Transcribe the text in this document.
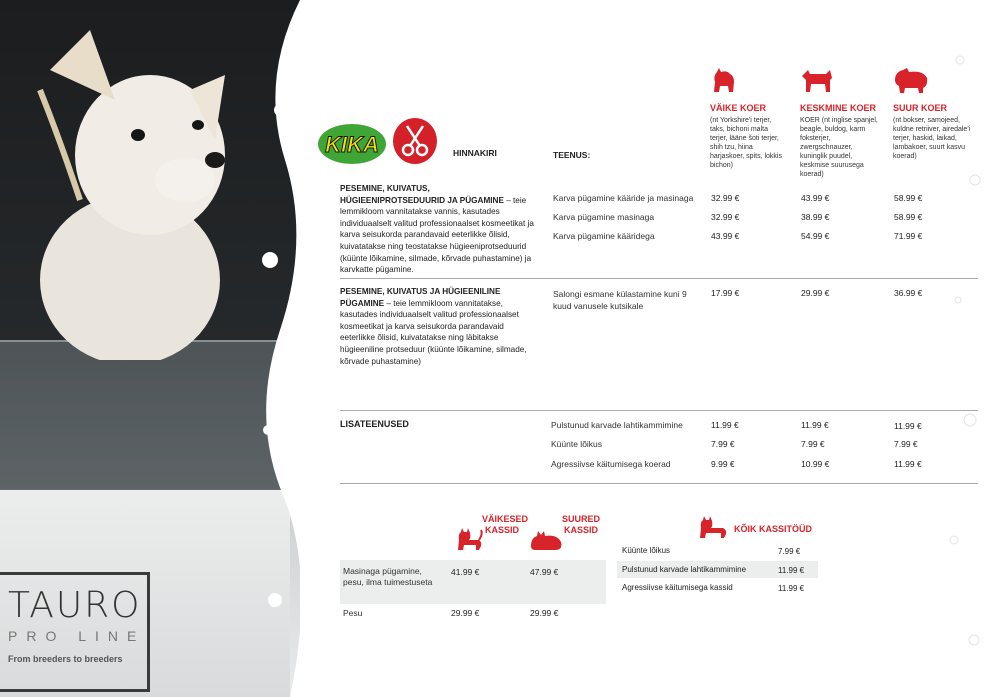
TAURO
PRO LINE
From breeders to breeders
KIKA	HINNAKIRI	TEENUS:
VÄIKE KOER
(nt Yorkshire'i terjer, taks, bichoni malta terjer, lääne šoti terjer, shih tzu, hiina harjaskoer, spits, lokkis bichon)
KESKMINE KOER
KOER (nt inglise spanjel, beagle, buldog, karm foksterjer, zwergschnauzer, kuninglik puudel, keskmise suurusega koerad)
SUUR KOER
(nt bokser, samojeed, kuldne retriiver, airedale'i terjer, haskid, laikad, lambakoer, suurt kasvu koerad)
PESEMINE, KUIVATUS, HÜGIEENIPROTSEDUURID JA PÜGAMINE – teie lemmikloom vannitatakse vannis, kasutades individuaalselt valitud professionaalset kosmeetikat ja karva seisukorda parandavaid eeterlikke õlisid, kuivatatakse ning teostatakse hügieeniprotseduurid (küünte lõikamine, silmade, kõrvade puhastamine) ja karvkatte pügamine.
Karva pügamine kääride ja masinaga 32.99 €	43.99 €	58.99 €
Karva pügamine masinaga	32.99 €	38.99 €	58.99 €
Karva pügamine kääridega	43.99 €	54.99 €	71.99 €
PESEMINE, KUIVATUS JA HÜGIEENILINE PÜGAMINE – teie lemmikloom vannitatakse, kasutades individuaalselt valitud professionaalset kosmeetikat ja karva seisukorda parandavaid eeterlikke õlisid, kuivatatakse ning läbitakse hügieeniline protseduur (küünte lõikamine, silmade, kõrvade puhastamine)
Salongi esmane külastamine kuni 9 kuud vanusele kutsikale
17.99 €	29.99 €	36.99 €
LISATEENUSED	Pulstunud karvade lahtikammimine	11.99 €	11.99 €	11.99 €
Küünte lõikus	7.99 €	7.99 €	7.99 €
Agressiivse käitumisega koerad	9.99 €	10.99 €	11.99 €
VÄIKESED KASSID
SUURED KASSID
Masinaga pügamine, pesu, ilma tuimestuseta
41.99 €	47.99 €
Pesu	29.99 €	29.99 €
KÕIK KASSITÖÜD
Küünte lõikus	7.99 €
Pulstunud karvade lahtikammimine	11.99 €
Agressiivse käitumisega kassid	11.99 €
